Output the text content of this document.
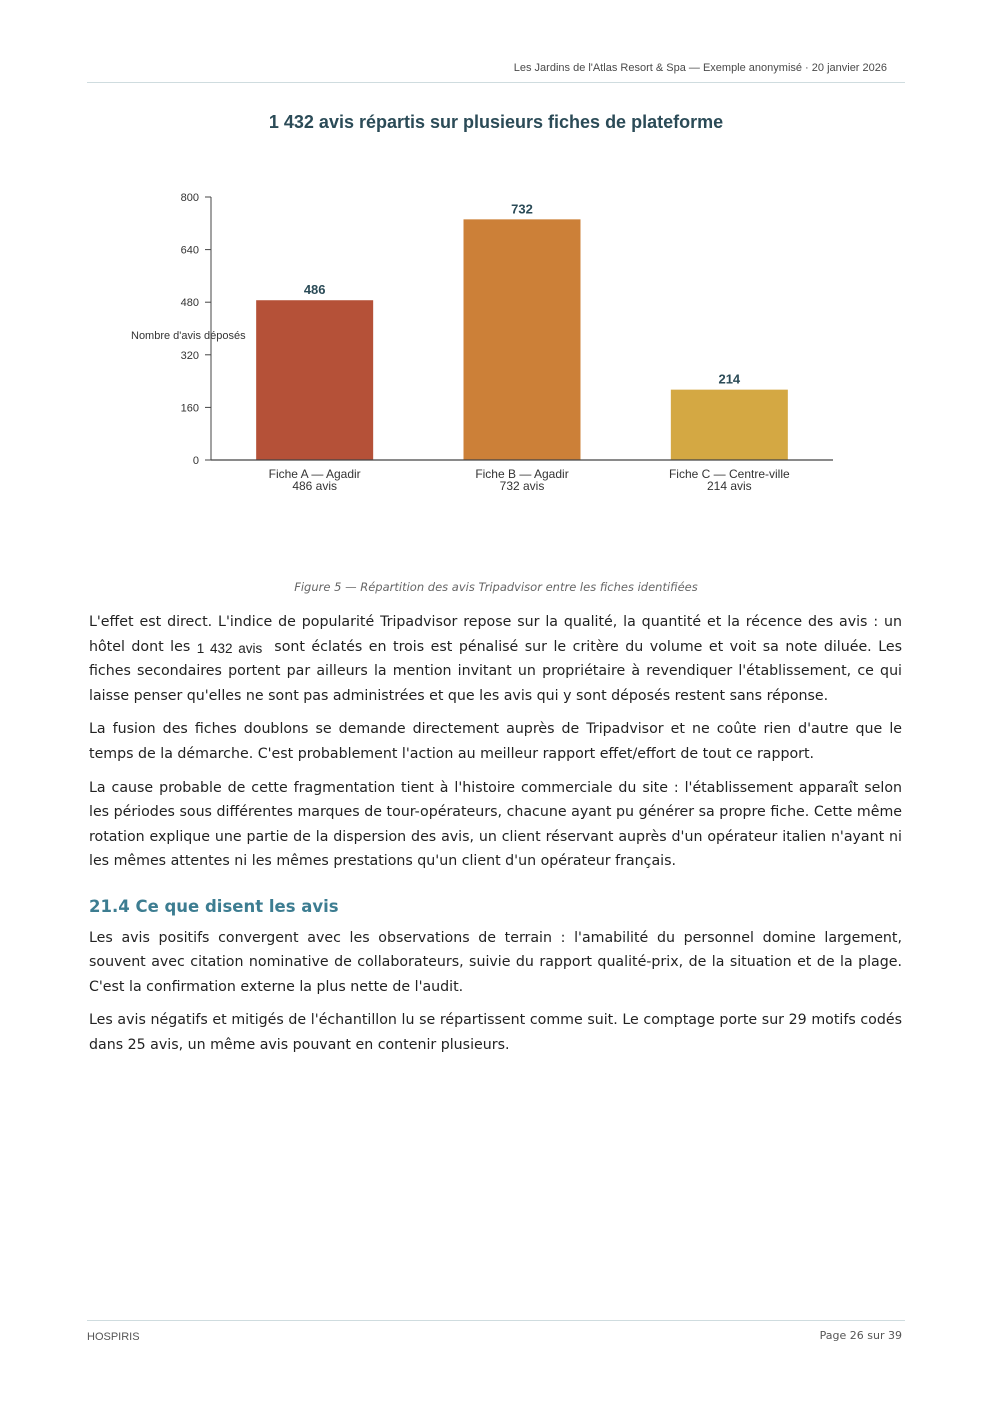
Les Jardins de l'Atlas Resort & Spa — Exemple anonymisé · 20 janvier 2026
1 432 avis répartis sur plusieurs fiches de plateforme
0
160
320
480
640
800
Nombre d'avis déposés
486
Fiche A — Agadir
486 avis
732
Fiche B — Agadir
732 avis
214
Fiche C — Centre-ville
214 avis
Figure 5 — Répartition des avis Tripadvisor entre les fiches identifiées

L'effet est direct. L'indice de popularité Tripadvisor repose sur la qualité, la quantité et la récence des avis : un hôtel dont les 1 432 avis sont éclatés en trois est pénalisé sur le critère du volume et voit sa note diluée. Les fiches secondaires portent par ailleurs la mention invitant un propriétaire à revendiquer l'établissement, ce qui laisse penser qu'elles ne sont pas administrées et que les avis qui y sont déposés restent sans réponse.

La fusion des fiches doublons se demande directement auprès de Tripadvisor et ne coûte rien d'autre que le temps de la démarche. C'est probablement l'action au meilleur rapport effet/effort de tout ce rapport.

La cause probable de cette fragmentation tient à l'histoire commerciale du site : l'établissement apparaît selon les périodes sous différentes marques de tour-opérateurs, chacune ayant pu générer sa propre fiche. Cette même rotation explique une partie de la dispersion des avis, un client réservant auprès d'un opérateur italien n'ayant ni les mêmes attentes ni les mêmes prestations qu'un client d'un opérateur français.

21.4 Ce que disent les avis

Les avis positifs convergent avec les observations de terrain : l'amabilité du personnel domine largement, souvent avec citation nominative de collaborateurs, suivie du rapport qualité-prix, de la situation et de la plage. C'est la confirmation externe la plus nette de l'audit.

Les avis négatifs et mitigés de l'échantillon lu se répartissent comme suit. Le comptage porte sur 29 motifs codés dans 25 avis, un même avis pouvant en contenir plusieurs.

HOSPIRIS	Page 26 sur 39
